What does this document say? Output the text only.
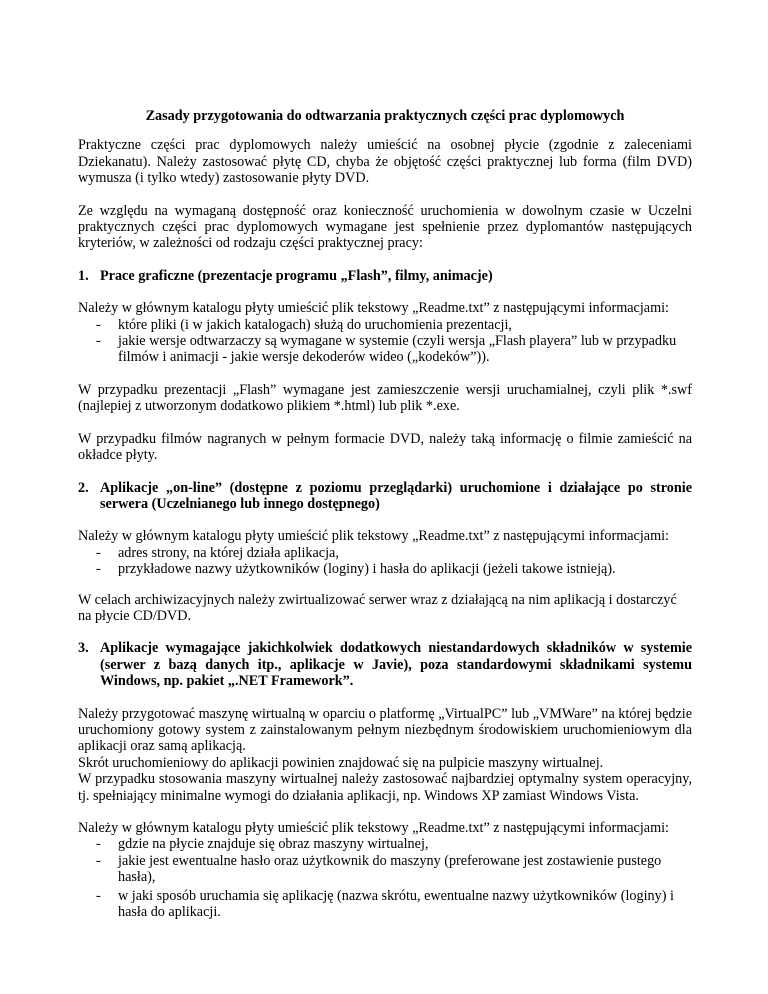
Zasady przygotowania do odtwarzania praktycznych części prac dyplomowych

Praktyczne części prac dyplomowych należy umieścić na osobnej płycie (zgodnie z zaleceniami Dziekanatu). Należy zastosować płytę CD, chyba że objętość części praktycznej lub forma (film DVD) wymusza (i tylko wtedy) zastosowanie płyty DVD.

Ze względu na wymaganą dostępność oraz konieczność uruchomienia w dowolnym czasie w Uczelni praktycznych części prac dyplomowych wymagane jest spełnienie przez dyplomantów następujących kryteriów, w zależności od rodzaju części praktycznej pracy:

1. Prace graficzne (prezentacje programu „Flash”, filmy, animacje)

Należy w głównym katalogu płyty umieścić plik tekstowy „Readme.txt” z następującymi informacjami:

- które pliki (i w jakich katalogach) służą do uruchomienia prezentacji,
- jakie wersje odtwarzaczy są wymagane w systemie (czyli wersja „Flash playera” lub w przypadku filmów i animacji - jakie wersje dekoderów wideo („kodeków”)).

W przypadku prezentacji „Flash” wymagane jest zamieszczenie wersji uruchamialnej, czyli plik *.swf (najlepiej z utworzonym dodatkowo plikiem *.html) lub plik *.exe.

W przypadku filmów nagranych w pełnym formacie DVD, należy taką informację o filmie zamieścić na okładce płyty.

2. Aplikacje „on-line” (dostępne z poziomu przeglądarki) uruchomione i działające po stronie serwera (Uczelnianego lub innego dostępnego)

Należy w głównym katalogu płyty umieścić plik tekstowy „Readme.txt” z następującymi informacjami:

- adres strony, na której działa aplikacja,
- przykładowe nazwy użytkowników (loginy) i hasła do aplikacji (jeżeli takowe istnieją).

W celach archiwizacyjnych należy zwirtualizować serwer wraz z działającą na nim aplikacją i dostarczyć na płycie CD/DVD.

3. Aplikacje wymagające jakichkolwiek dodatkowych niestandardowych składników w systemie (serwer z bazą danych itp., aplikacje w Javie), poza standardowymi składnikami systemu Windows, np. pakiet „.NET Framework”.

Należy przygotować maszynę wirtualną w oparciu o platformę „VirtualPC” lub „VMWare” na której będzie uruchomiony gotowy system z zainstalowanym pełnym niezbędnym środowiskiem uruchomieniowym dla aplikacji oraz samą aplikacją.

Skrót uruchomieniowy do aplikacji powinien znajdować się na pulpicie maszyny wirtualnej.

W przypadku stosowania maszyny wirtualnej należy zastosować najbardziej optymalny system operacyjny, tj. spełniający minimalne wymogi do działania aplikacji, np. Windows XP zamiast Windows Vista.

Należy w głównym katalogu płyty umieścić plik tekstowy „Readme.txt” z następującymi informacjami:

- gdzie na płycie znajduje się obraz maszyny wirtualnej,
- jakie jest ewentualne hasło oraz użytkownik do maszyny (preferowane jest zostawienie pustego hasła),
- w jaki sposób uruchamia się aplikację (nazwa skrótu, ewentualne nazwy użytkowników (loginy) i hasła do aplikacji.
